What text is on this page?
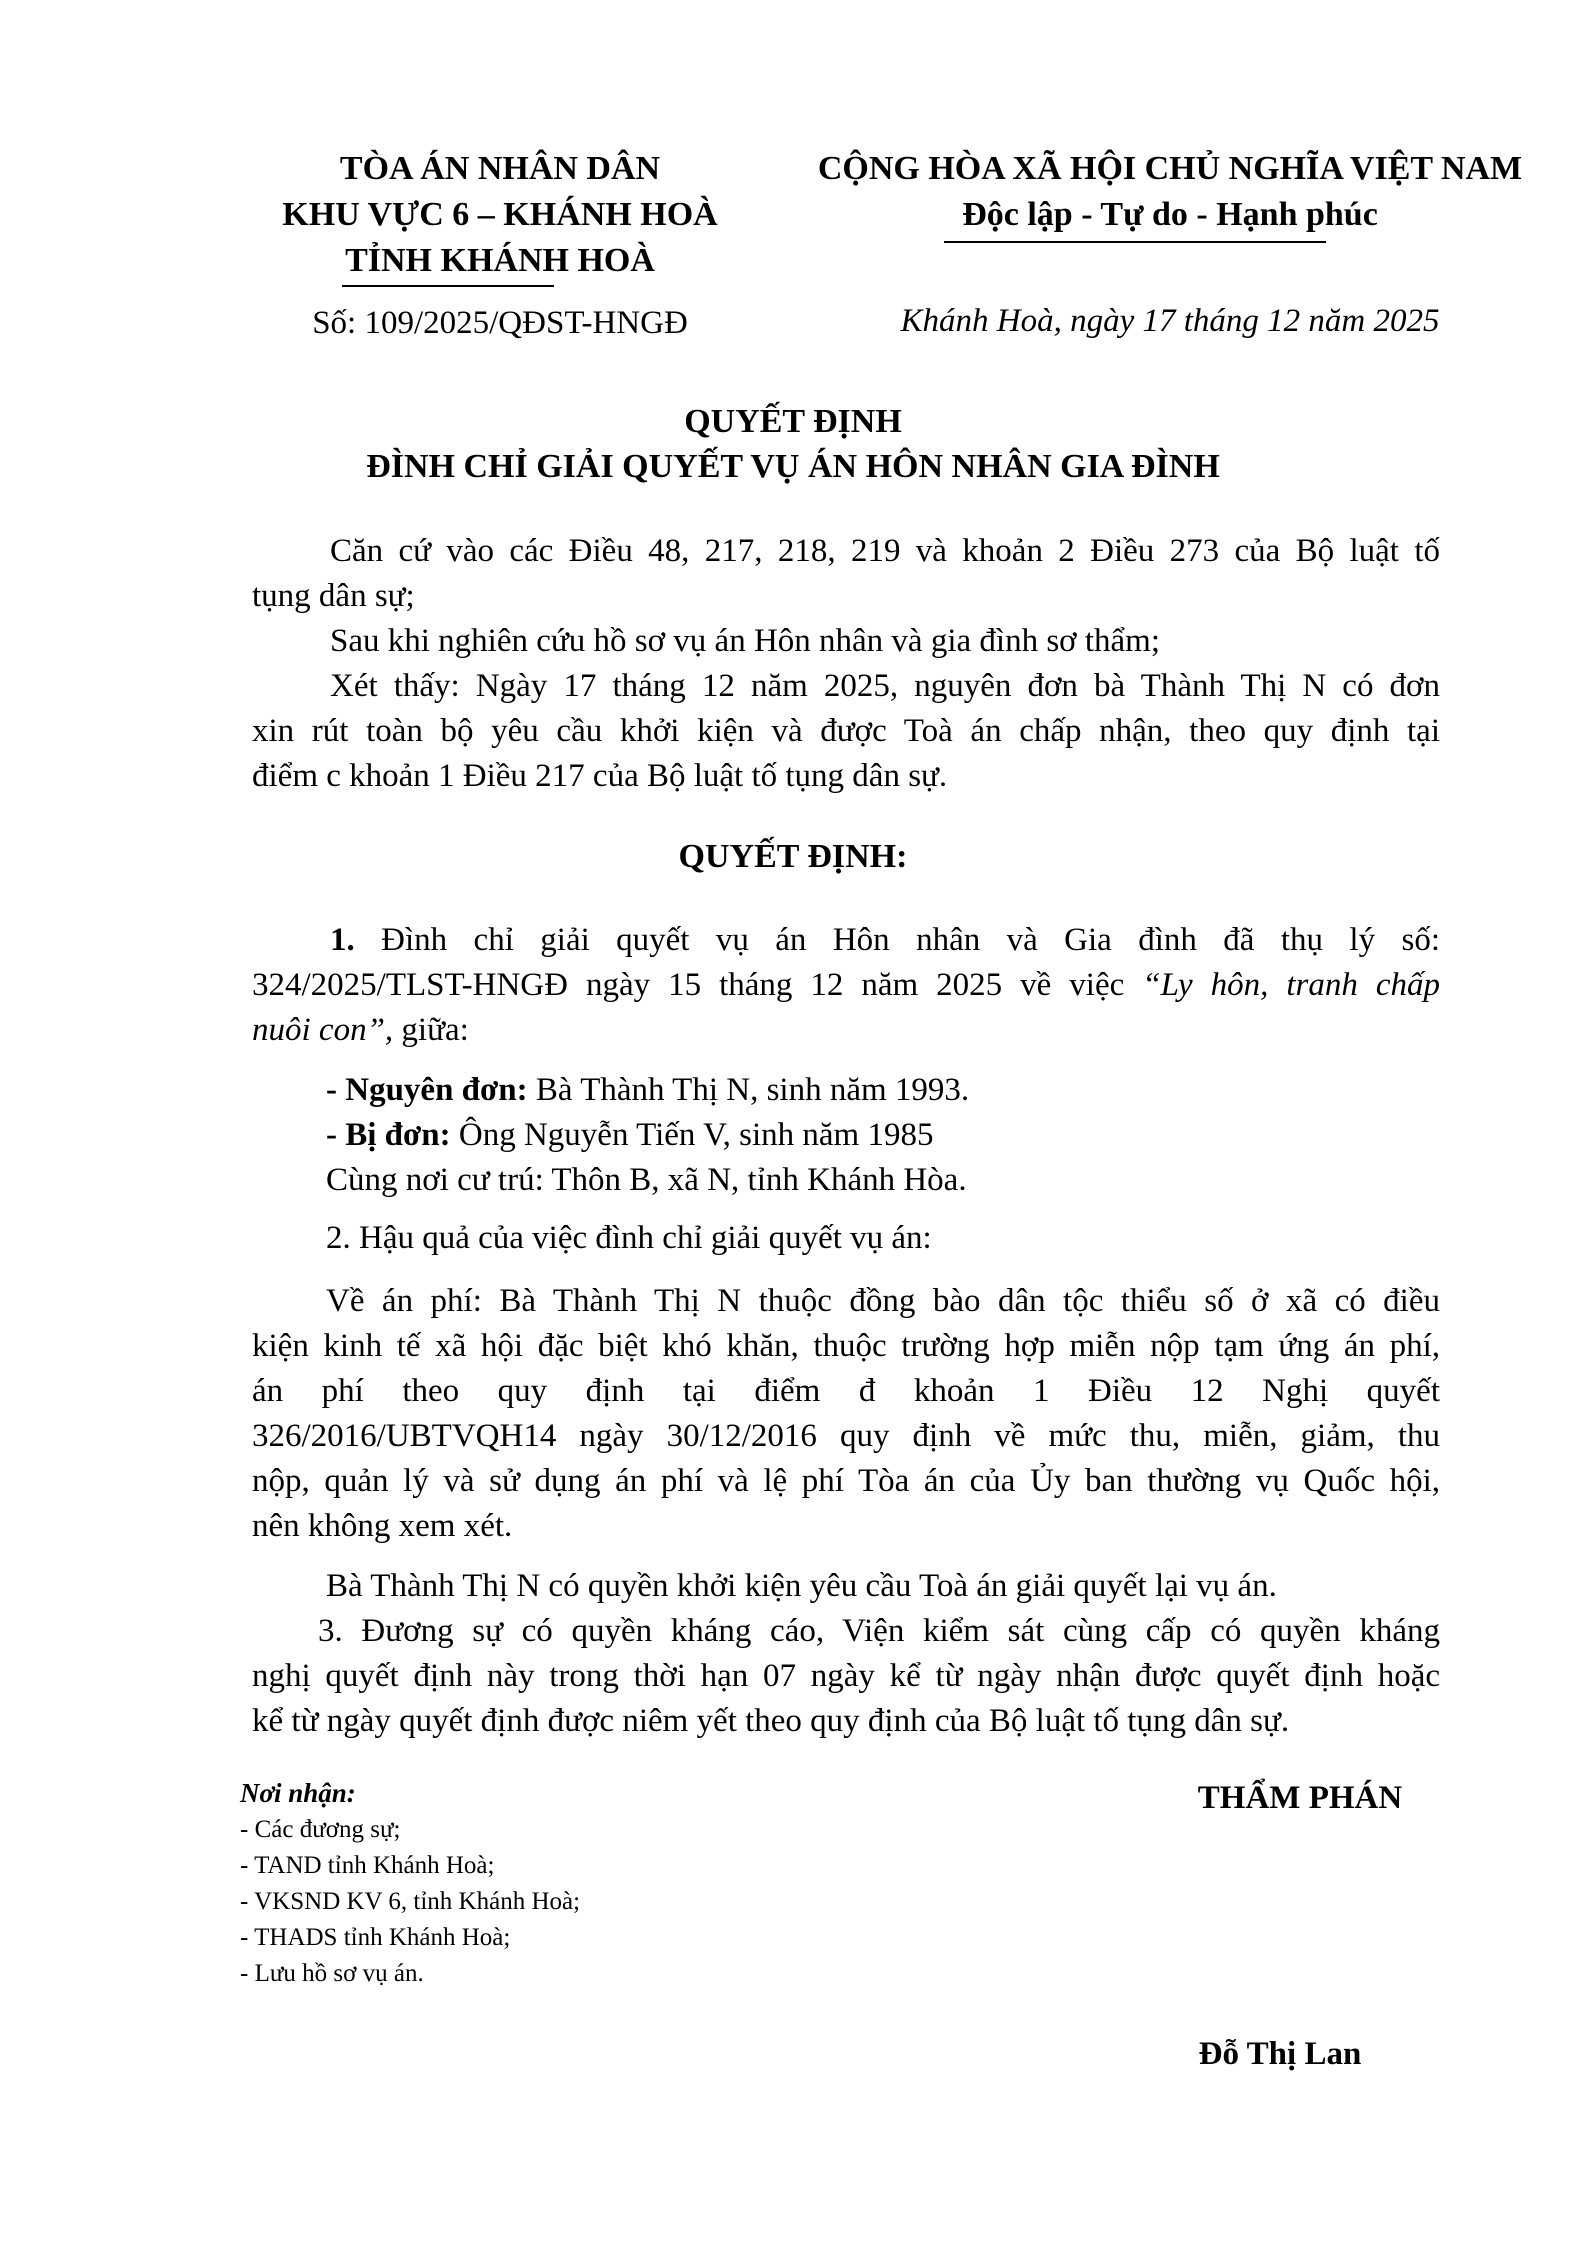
TÒA ÁN NHÂN DÂN
KHU VỰC 6 – KHÁNH HOÀ
TỈNH KHÁNH HOÀ
Số: 109/2025/QĐST-HNGĐ
CỘNG HÒA XÃ HỘI CHỦ NGHĨA VIỆT NAM
Độc lập - Tự do - Hạnh phúc
Khánh Hoà, ngày 17 tháng 12 năm 2025
QUYẾT ĐỊNH
ĐÌNH CHỈ GIẢI QUYẾT VỤ ÁN HÔN NHÂN GIA ĐÌNH
Căn cứ vào các Điều 48, 217, 218, 219 và khoản 2 Điều 273 của Bộ luật tố
tụng dân sự;
Sau khi nghiên cứu hồ sơ vụ án Hôn nhân và gia đình sơ thẩm;
Xét thấy: Ngày 17 tháng 12 năm 2025, nguyên đơn bà Thành Thị N có đơn
xin rút toàn bộ yêu cầu khởi kiện và được Toà án chấp nhận, theo quy định tại
điểm c khoản 1 Điều 217 của Bộ luật tố tụng dân sự.
QUYẾT ĐỊNH:
1. Đình chỉ giải quyết vụ án Hôn nhân và Gia đình đã thụ lý số:
324/2025/TLST-HNGĐ ngày 15 tháng 12 năm 2025 về việc “Ly hôn, tranh chấp
nuôi con”, giữa:
- Nguyên đơn: Bà Thành Thị N, sinh năm 1993.
- Bị đơn: Ông Nguyễn Tiến V, sinh năm 1985
Cùng nơi cư trú: Thôn B, xã N, tỉnh Khánh Hòa.
2. Hậu quả của việc đình chỉ giải quyết vụ án:
Về án phí: Bà Thành Thị N thuộc đồng bào dân tộc thiểu số ở xã có điều
kiện kinh tế xã hội đặc biệt khó khăn, thuộc trường hợp miễn nộp tạm ứng án phí,
án phí theo quy định tại điểm đ khoản 1 Điều 12 Nghị quyết
326/2016/UBTVQH14 ngày 30/12/2016 quy định về mức thu, miễn, giảm, thu
nộp, quản lý và sử dụng án phí và lệ phí Tòa án của Ủy ban thường vụ Quốc hội,
nên không xem xét.
Bà Thành Thị N có quyền khởi kiện yêu cầu Toà án giải quyết lại vụ án.
3. Đương sự có quyền kháng cáo, Viện kiểm sát cùng cấp có quyền kháng
nghị quyết định này trong thời hạn 07 ngày kể từ ngày nhận được quyết định hoặc
kể từ ngày quyết định được niêm yết theo quy định của Bộ luật tố tụng dân sự.
Nơi nhận:
- Các đương sự;
- TAND tỉnh Khánh Hoà;
- VKSND KV 6, tỉnh Khánh Hoà;
- THADS tỉnh Khánh Hoà;
- Lưu hồ sơ vụ án.
THẨM PHÁN
Đỗ Thị Lan
